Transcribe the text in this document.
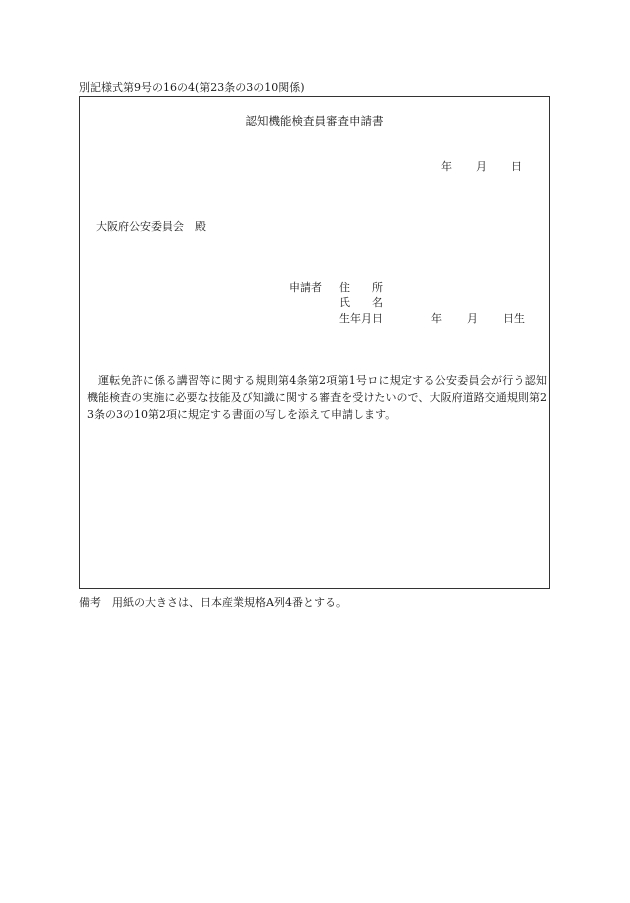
別記様式第9号の16の4(第23条の3の10関係)
認知機能検査員審査申請書
年 月 日
大阪府公安委員会　殿
申請者 住　　所
氏　　名
生年月日	年 月 日生
運転免許に係る講習等に関する規則第4条第2項第1号ロに規定する公安委員会が行う認知機能検査の実施に必要な技能及び知識に関する審査を受けたいので、大阪府道路交通規則第23条の3の10第2項に規定する書面の写しを添えて申請します。
備考　用紙の大きさは、日本産業規格A列4番とする。
